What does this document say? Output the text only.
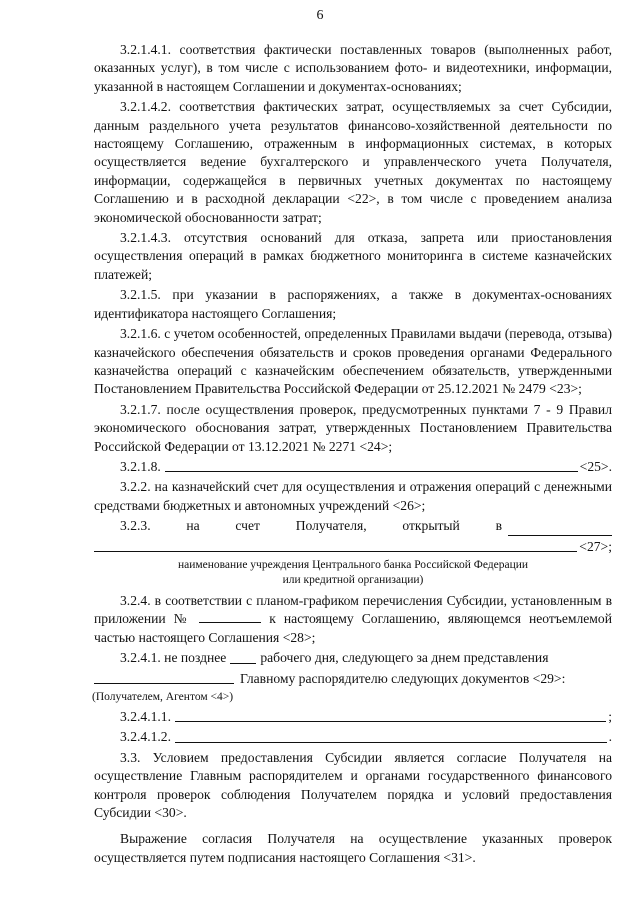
6

3.2.1.4.1. соответствия фактически поставленных товаров (выполненных работ, оказанных услуг), в том числе с использованием фото- и видеотехники, информации, указанной в настоящем Соглашении и документах-основаниях;

3.2.1.4.2. соответствия фактических затрат, осуществляемых за счет Субсидии, данным раздельного учета результатов финансово-хозяйственной деятельности по настоящему Соглашению, отраженным в информационных системах, в которых осуществляется ведение бухгалтерского и управленческого учета Получателя, информации, содержащейся в первичных учетных документах по настоящему Соглашению и в расходной декларации <22>, в том числе с проведением анализа экономической обоснованности затрат;

3.2.1.4.3. отсутствия оснований для отказа, запрета или приостановления осуществления операций в рамках бюджетного мониторинга в системе казначейских платежей;

3.2.1.5. при указании в распоряжениях, а также в документах-основаниях идентификатора настоящего Соглашения;

3.2.1.6. с учетом особенностей, определенных Правилами выдачи (перевода, отзыва) казначейского обеспечения обязательств и сроков проведения органами Федерального казначейства операций с казначейским обеспечением обязательств, утвержденными Постановлением Правительства Российской Федерации от 25.12.2021 № 2479 <23>;

3.2.1.7. после осуществления проверок, предусмотренных пунктами 7 - 9 Правил экономического обоснования затрат, утвержденных Постановлением Правительства Российской Федерации от 13.12.2021 № 2271 <24>;

3.2.1.8.	<25>.

3.2.2. на казначейский счет для осуществления и отражения операций с денежными средствами бюджетных и автономных учреждений <26>;

3.2.3.	на	счет	Получателя,	открытый	в
<27>;
наименование учреждения Центрального банка Российской Федерации
или кредитной организации)
3.2.4. в соответствии с планом-графиком перечисления Субсидии, установленным в приложении №	к настоящему Соглашению, являющемся неотъемлемой частью настоящего Соглашения <28>;
3.2.4.1. не позднее	рабочего дня, следующего за днем представления
Главному распорядителю следующих документов <29>:
(Получателем, Агентом <4>)
3.2.4.1.1.	;
3.2.4.1.2.	.

3.3. Условием предоставления Субсидии является согласие Получателя на осуществление Главным распорядителем и органами государственного финансового контроля проверок соблюдения Получателем порядка и условий предоставления Субсидии <30>.

Выражение согласия Получателя на осуществление указанных проверок осуществляется путем подписания настоящего Соглашения <31>.
